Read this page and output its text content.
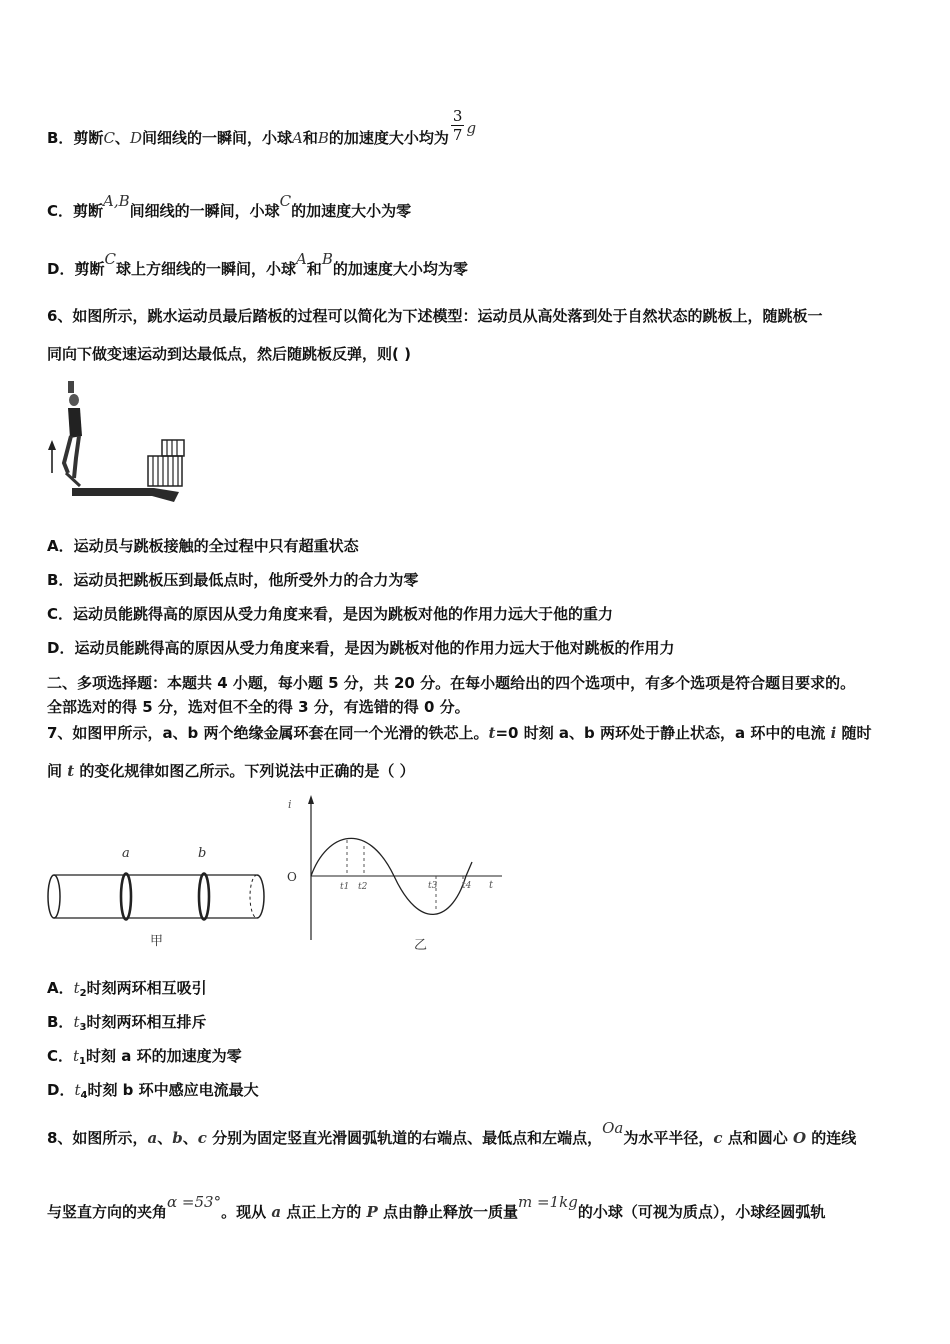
B．剪断C、D间细线的一瞬间，小球A和B的加速度大小均为 $\frac{3}{7}$ g
C．剪断A,B间细线的一瞬间，小球C的加速度大小为零
D．剪断C球上方细线的一瞬间，小球A和B的加速度大小均为零
6、如图所示，跳水运动员最后踏板的过程可以简化为下述模型：运动员从高处落到处于自然状态的跳板上，随跳板一
同向下做变速运动到达最低点，然后随跳板反弹，则( )
A．运动员与跳板接触的全过程中只有超重状态
B．运动员把跳板压到最低点时，他所受外力的合力为零
C．运动员能跳得高的原因从受力角度来看，是因为跳板对他的作用力远大于他的重力
D．运动员能跳得高的原因从受力角度来看，是因为跳板对他的作用力远大于他对跳板的作用力
二、多项选择题：本题共 4 小题，每小题 5 分，共 20 分。在每小题给出的四个选项中，有多个选项是符合题目要求的。
全部选对的得 5 分，选对但不全的得 3 分，有选错的得 0 分。
7、如图甲所示，a、b 两个绝缘金属环套在同一个光滑的铁芯上。t=0 时刻 a、b 两环处于静止状态，a 环中的电流 i 随时
间 t 的变化规律如图乙所示。下列说法中正确的是（ ）
a	b
甲
i
O
t
t1 t2	t3	t4
乙
A．$t_2$时刻两环相互吸引
B．$t_3$时刻两环相互排斥
C．$t_1$时刻 a 环的加速度为零
D．$t_4$时刻 b 环中感应电流最大
8、如图所示，a、b、c 分别为固定竖直光滑圆弧轨道的右端点、最低点和左端点，Oa为水平半径，c 点和圆心 O 的连线
与竖直方向的夹角α =53°。现从 a 点正上方的 P 点由静止释放一质量m =1kg的小球（可视为质点），小球经圆弧轨
